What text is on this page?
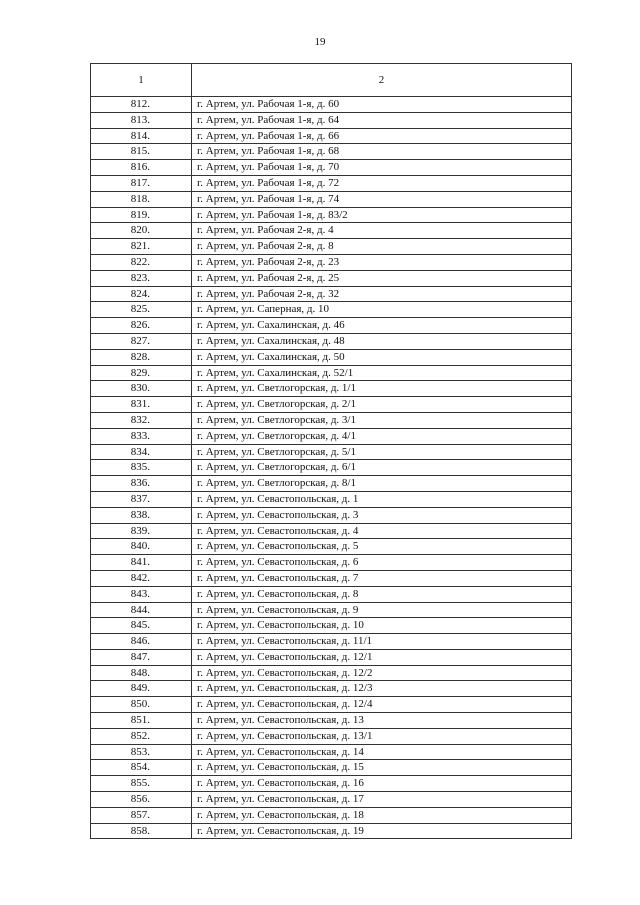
19
1	2
812.	г. Артем, ул. Рабочая 1-я, д. 60
813.	г. Артем, ул. Рабочая 1-я, д. 64
814.	г. Артем, ул. Рабочая 1-я, д. 66
815.	г. Артем, ул. Рабочая 1-я, д. 68
816.	г. Артем, ул. Рабочая 1-я, д. 70
817.	г. Артем, ул. Рабочая 1-я, д. 72
818.	г. Артем, ул. Рабочая 1-я, д. 74
819.	г. Артем, ул. Рабочая 1-я, д. 83/2
820.	г. Артем, ул. Рабочая 2-я, д. 4
821.	г. Артем, ул. Рабочая 2-я, д. 8
822.	г. Артем, ул. Рабочая 2-я, д. 23
823.	г. Артем, ул. Рабочая 2-я, д. 25
824.	г. Артем, ул. Рабочая 2-я, д. 32
825.	г. Артем, ул. Саперная, д. 10
826.	г. Артем, ул. Сахалинская, д. 46
827.	г. Артем, ул. Сахалинская, д. 48
828.	г. Артем, ул. Сахалинская, д. 50
829.	г. Артем, ул. Сахалинская, д. 52/1
830.	г. Артем, ул. Светлогорская, д. 1/1
831.	г. Артем, ул. Светлогорская, д. 2/1
832.	г. Артем, ул. Светлогорская, д. 3/1
833.	г. Артем, ул. Светлогорская, д. 4/1
834.	г. Артем, ул. Светлогорская, д. 5/1
835.	г. Артем, ул. Светлогорская, д. 6/1
836.	г. Артем, ул. Светлогорская, д. 8/1
837.	г. Артем, ул. Севастопольская, д. 1
838.	г. Артем, ул. Севастопольская, д. 3
839.	г. Артем, ул. Севастопольская, д. 4
840.	г. Артем, ул. Севастопольская, д. 5
841.	г. Артем, ул. Севастопольская, д. 6
842.	г. Артем, ул. Севастопольская, д. 7
843.	г. Артем, ул. Севастопольская, д. 8
844.	г. Артем, ул. Севастопольская, д. 9
845.	г. Артем, ул. Севастопольская, д. 10
846.	г. Артем, ул. Севастопольская, д. 11/1
847.	г. Артем, ул. Севастопольская, д. 12/1
848.	г. Артем, ул. Севастопольская, д. 12/2
849.	г. Артем, ул. Севастопольская, д. 12/3
850.	г. Артем, ул. Севастопольская, д. 12/4
851.	г. Артем, ул. Севастопольская, д. 13
852.	г. Артем, ул. Севастопольская, д. 13/1
853.	г. Артем, ул. Севастопольская, д. 14
854.	г. Артем, ул. Севастопольская, д. 15
855.	г. Артем, ул. Севастопольская, д. 16
856.	г. Артем, ул. Севастопольская, д. 17
857.	г. Артем, ул. Севастопольская, д. 18
858.	г. Артем, ул. Севастопольская, д. 19
